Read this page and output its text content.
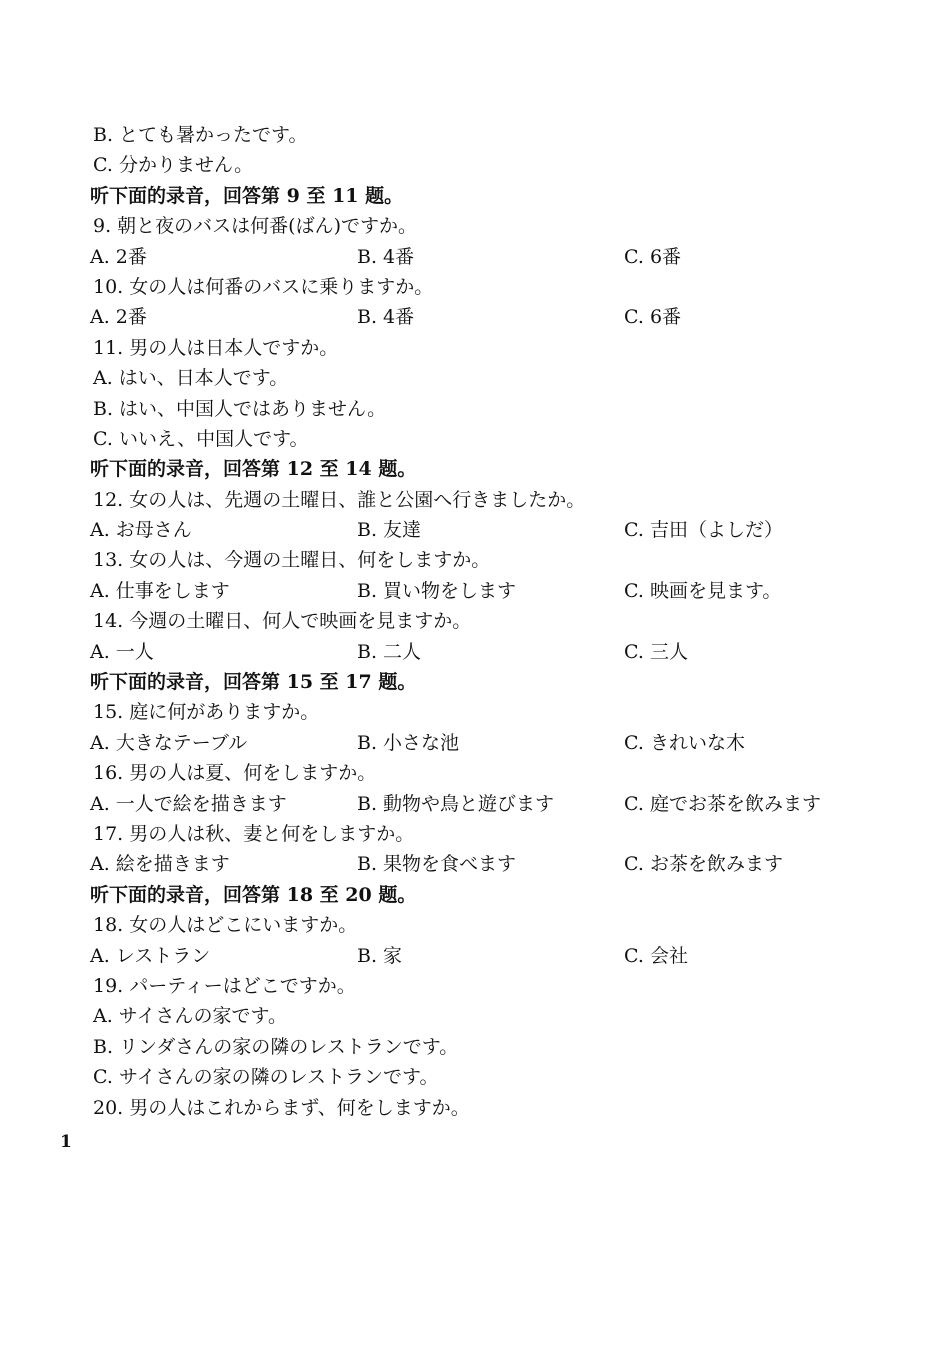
B. とても暑かったです。
C. 分かりません。
听下面的录音，回答第 9 至 11 题。
9. 朝と夜のバスは何番(ばん)ですか。
A. 2番	B. 4番	C. 6番
10. 女の人は何番のバスに乗りますか。
A. 2番	B. 4番	C. 6番
11. 男の人は日本人ですか。
A. はい、日本人です。
B. はい、中国人ではありません。
C. いいえ、中国人です。
听下面的录音，回答第 12 至 14 题。
12. 女の人は、先週の土曜日、誰と公園へ行きましたか。
A. お母さん	B. 友達	C. 吉田（よしだ）
13. 女の人は、今週の土曜日、何をしますか。
A. 仕事をします	B. 買い物をします	C. 映画を見ます。
14. 今週の土曜日、何人で映画を見ますか。
A. 一人	B. 二人	C. 三人
听下面的录音，回答第 15 至 17 题。
15. 庭に何がありますか。
A. 大きなテーブル	B. 小さな池	C. きれいな木
16. 男の人は夏、何をしますか。
A. 一人で絵を描きます	B. 動物や鳥と遊びます	C. 庭でお茶を飲みます
17. 男の人は秋、妻と何をしますか。
A. 絵を描きます	B. 果物を食べます	C. お茶を飲みます
听下面的录音，回答第 18 至 20 题。
18. 女の人はどこにいますか。
A. レストラン	B. 家	C. 会社
19. パーティーはどこですか。
A. サイさんの家です。
B. リンダさんの家の隣のレストランです。
C. サイさんの家の隣のレストランです。
20. 男の人はこれからまず、何をしますか。
1
